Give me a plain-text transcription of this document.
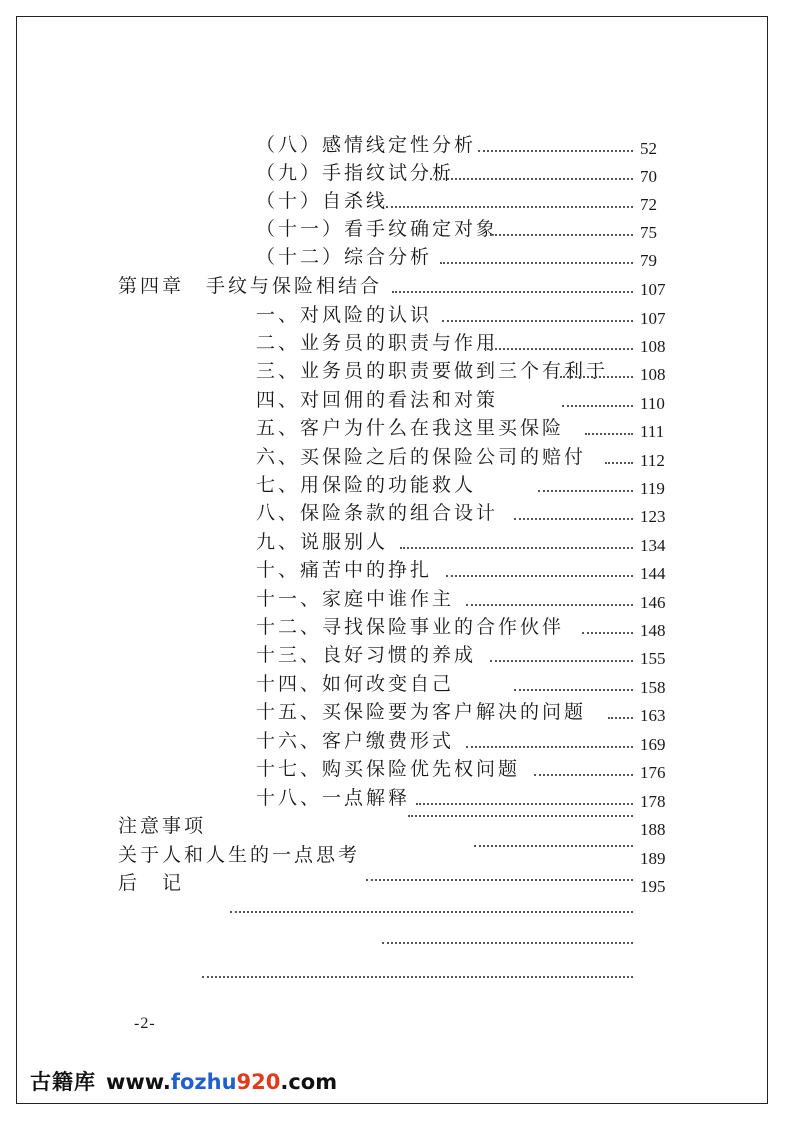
（八）感情线定性分析	52
（九）手指纹试分析	70
（十）自杀线	72
（十一）看手纹确定对象	75
（十二）综合分析	79
第四章　手纹与保险相结合	107
一、对风险的认识	107
二、业务员的职责与作用	108
三、业务员的职责要做到三个有利于 108
四、对回佣的看法和对策	110
五、客户为什么在我这里买保险	111
六、买保险之后的保险公司的赔付	112
七、用保险的功能救人	119
八、保险条款的组合设计	123
九、说服别人	134
十、痛苦中的挣扎	144
十一、家庭中谁作主	146
十二、寻找保险事业的合作伙伴	148
十三、良好习惯的养成	155
十四、如何改变自己	158
十五、买保险要为客户解决的问题	163
十六、客户缴费形式	169
十七、购买保险优先权问题	176
十八、一点解释	178
注意事项	188
关于人和人生的一点思考	189
后　记	195
-2-
古籍库 www.fozhu920.com
